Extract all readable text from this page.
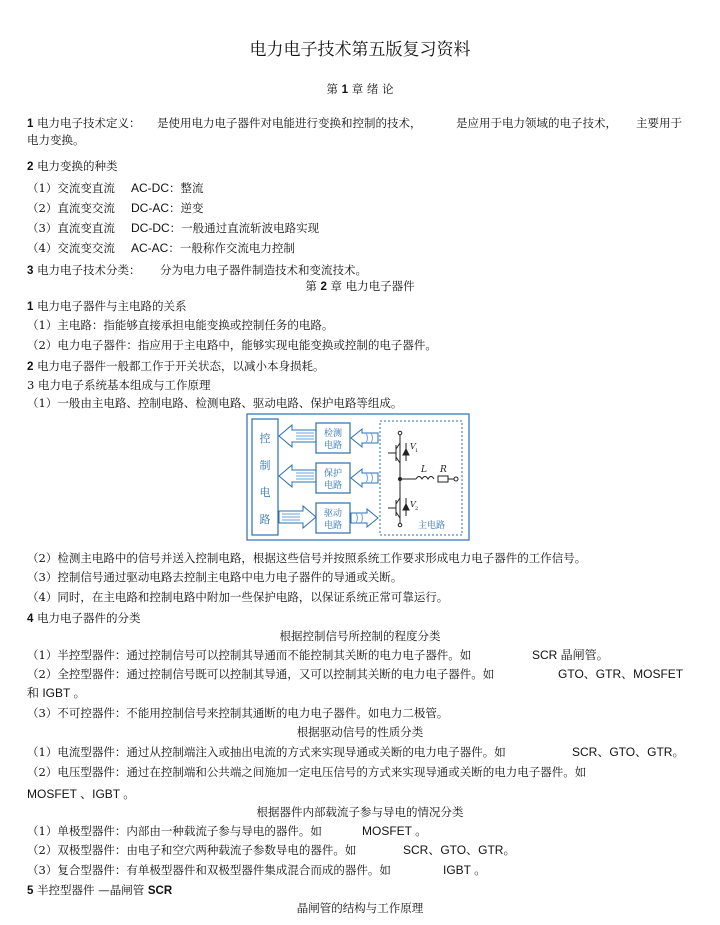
电力电子技术第五版复习资料
第 1 章 绪 论
1 电力电子技术定义： 是使用电力电子器件对电能进行变换和控制的技术，	是应用于电力领域的电子技术， 主要用于
电力变换。
2 电力变换的种类
（1）交流变直流 AC-DC：整流
（2）直流变交流 DC-AC：逆变
（3）直流变直流 DC-DC：一般通过直流斩波电路实现
（4）交流变交流 AC-AC：一般称作交流电力控制
3 电力电子技术分类： 分为电力电子器件制造技术和变流技术。
第 2 章 电力电子器件
1 电力电子器件与主电路的关系
（1）主电路：指能够直接承担电能变换或控制任务的电路。
（2）电力电子器件：指应用于主电路中，能够实现电能变换或控制的电子器件。
2 电力电子器件一般都工作于开关状态，以减小本身损耗。
3 电力电子系统基本组成与工作原理
（1）一般由主电路、控制电路、检测电路、驱动电路、保护电路等组成。
控
制
电
路
检测
电路
保护
电路
驱动
电路
V 1
V 2
L R
主电路
（2）检测主电路中的信号并送入控制电路，根据这些信号并按照系统工作要求形成电力电子器件的工作信号。
（3）控制信号通过驱动电路去控制主电路中电力电子器件的导通或关断。
（4）同时，在主电路和控制电路中附加一些保护电路，以保证系统正常可靠运行。
4 电力电子器件的分类
根据控制信号所控制的程度分类
（1）半控型器件：通过控制信号可以控制其导通而不能控制其关断的电力电子器件。如	SCR 晶闸管。
（2）全控型器件：通过控制信号既可以控制其导通，又可以控制其关断的电力电子器件。如	GTO、GTR、MOSFET
和 IGBT 。
（3）不可控器件：不能用控制信号来控制其通断的电力电子器件。如电力二极管。
根据驱动信号的性质分类
（1）电流型器件：通过从控制端注入或抽出电流的方式来实现导通或关断的电力电子器件。如	SCR、GTO、GTR。
（2）电压型器件：通过在控制端和公共端之间施加一定电压信号的方式来实现导通或关断的电力电子器件。如
MOSFET 、IGBT 。
根据器件内部载流子参与导电的情况分类
（1）单极型器件：内部由一种载流子参与导电的器件。如	MOSFET 。
（2）双极型器件：由电子和空穴两种载流子参数导电的器件。如	SCR、GTO、GTR。
（3）复合型器件：有单极型器件和双极型器件集成混合而成的器件。如	IGBT 。
5 半控型器件 —晶闸管 SCR
晶闸管的结构与工作原理
